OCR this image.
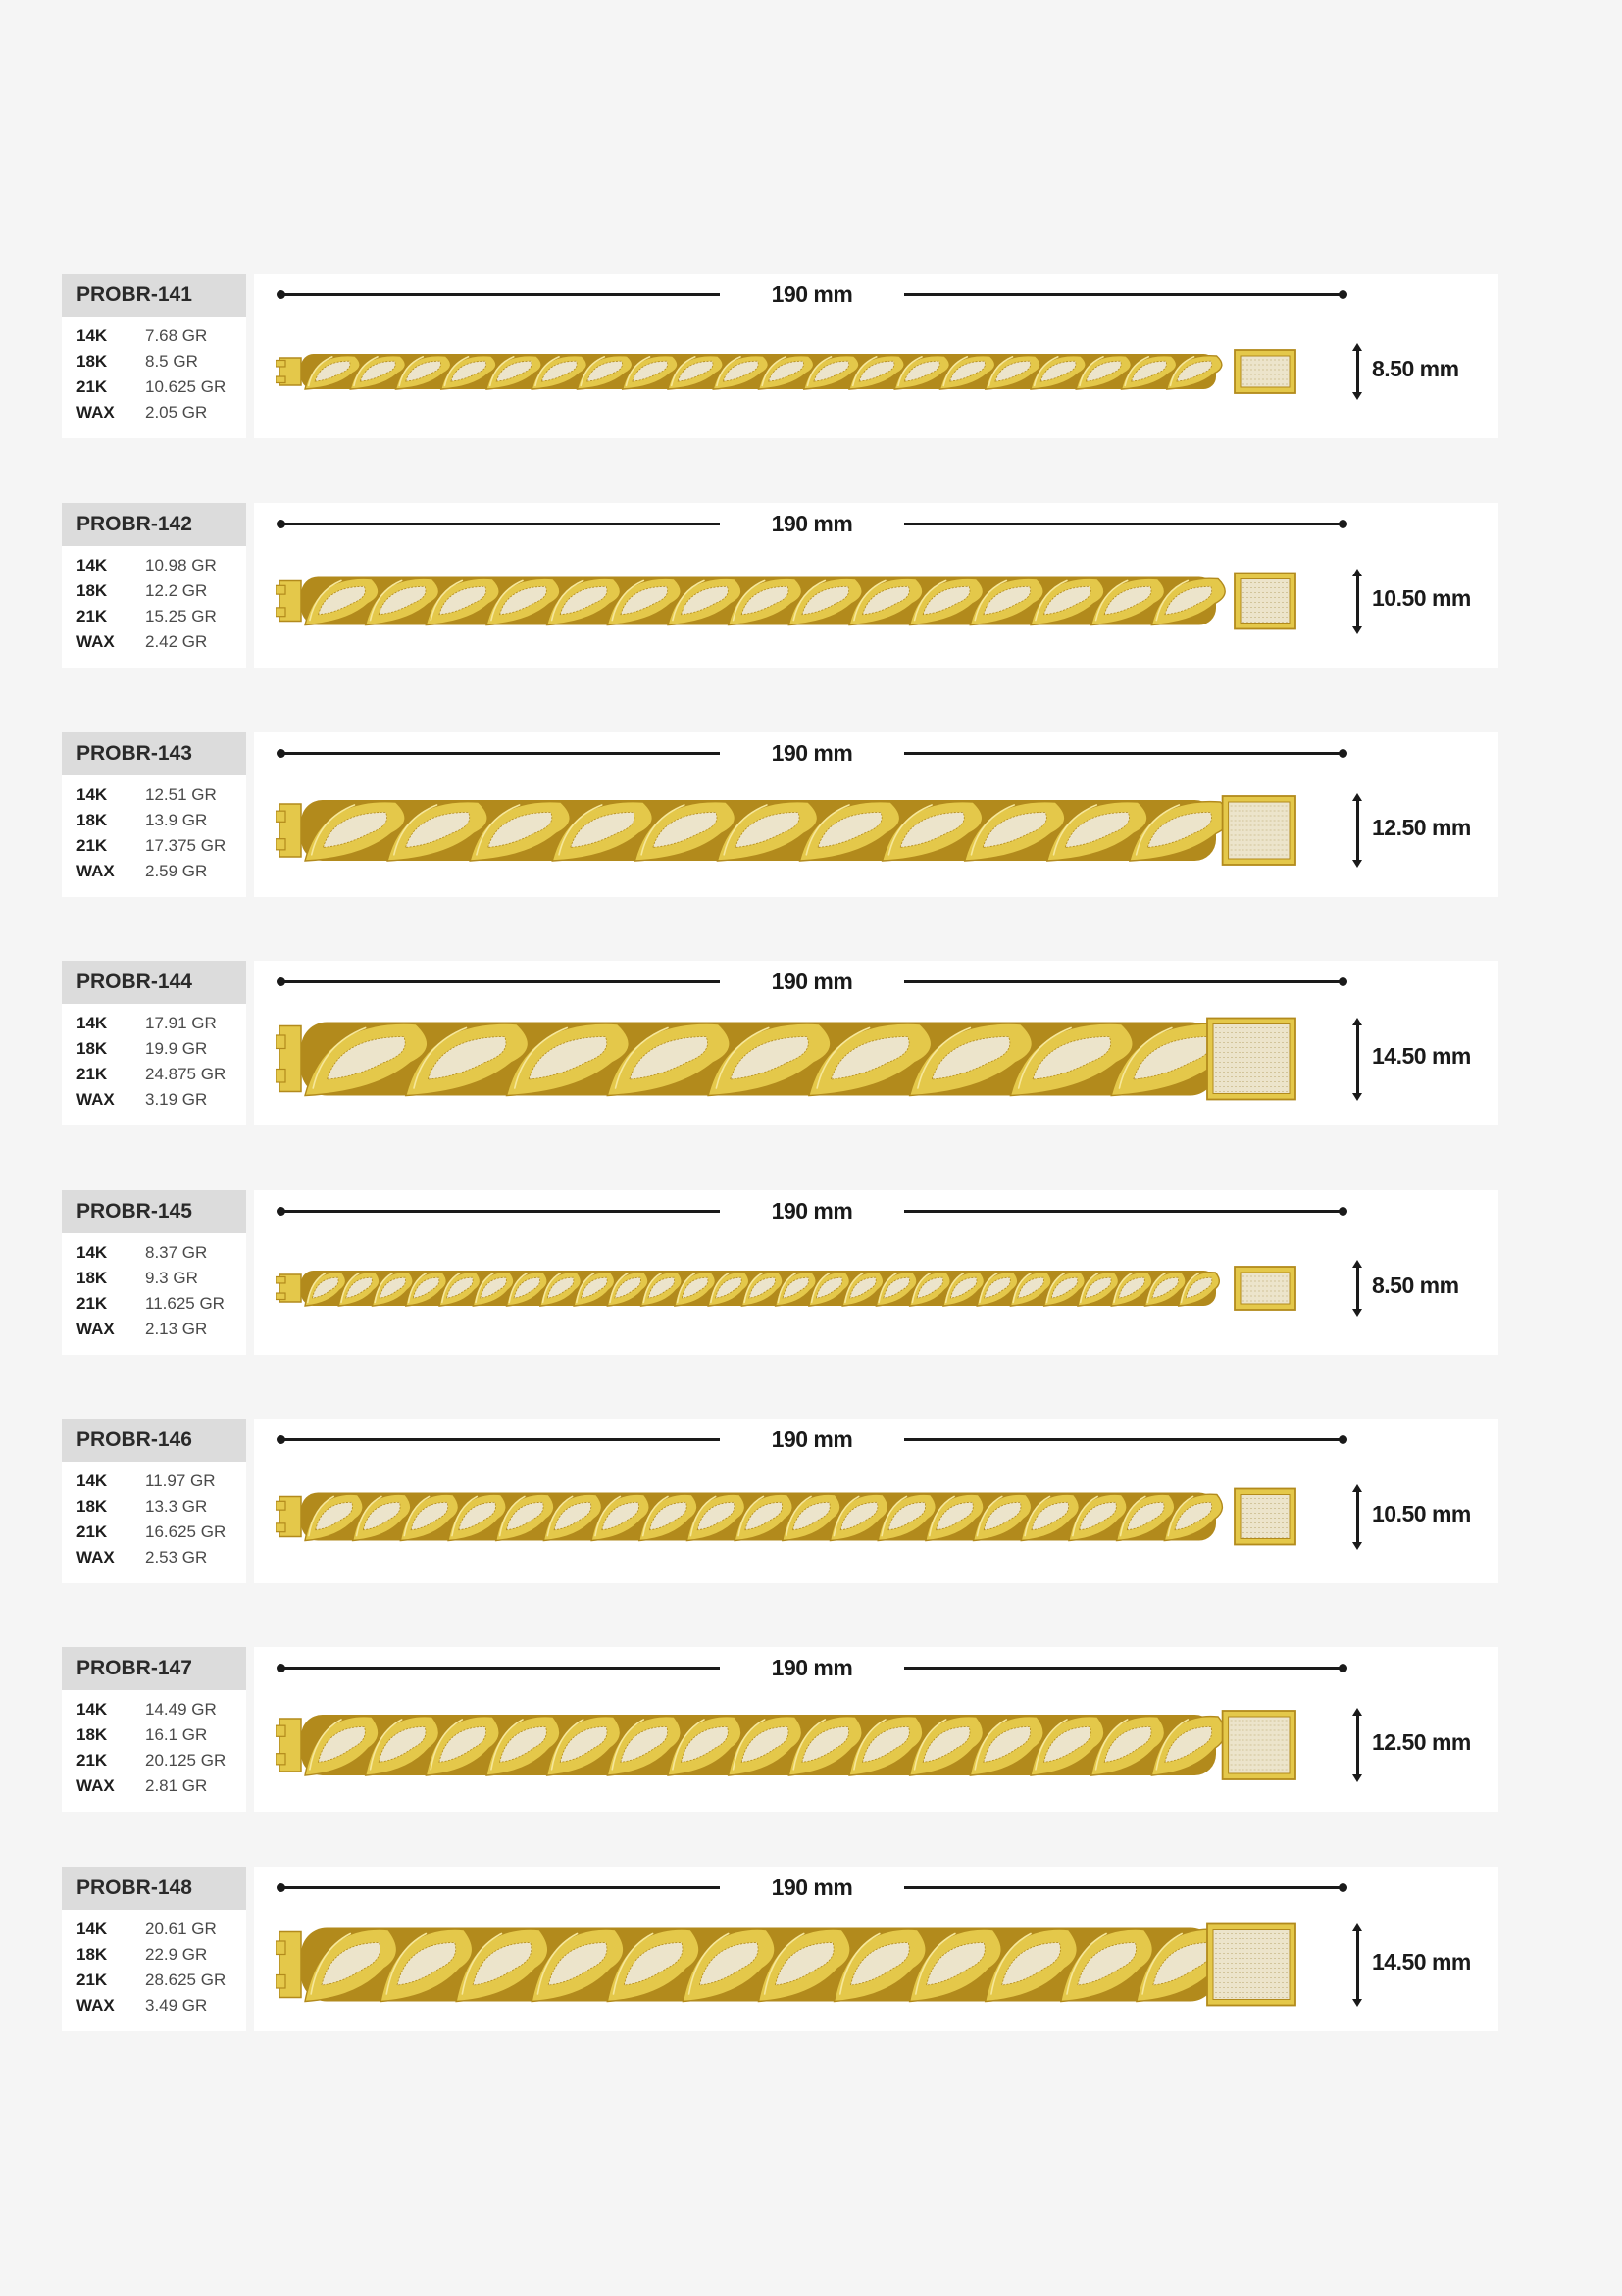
PROBR-141
14K 7.68 GR
18K 8.5 GR
21K 10.625 GR
WAX 2.05 GR
190 mm
8.50 mm
PROBR-142
14K 10.98 GR
18K 12.2 GR
21K 15.25 GR
WAX 2.42 GR
190 mm
10.50 mm
PROBR-143
14K 12.51 GR
18K 13.9 GR
21K 17.375 GR
WAX 2.59 GR
190 mm
12.50 mm
PROBR-144
14K 17.91 GR
18K 19.9 GR
21K 24.875 GR
WAX 3.19 GR
190 mm
14.50 mm
PROBR-145
14K 8.37 GR
18K 9.3 GR
21K 11.625 GR
WAX 2.13 GR
190 mm
8.50 mm
PROBR-146
14K 11.97 GR
18K 13.3 GR
21K 16.625 GR
WAX 2.53 GR
190 mm
10.50 mm
PROBR-147
14K 14.49 GR
18K 16.1 GR
21K 20.125 GR
WAX 2.81 GR
190 mm
12.50 mm
PROBR-148
14K 20.61 GR
18K 22.9 GR
21K 28.625 GR
WAX 3.49 GR
190 mm
14.50 mm
